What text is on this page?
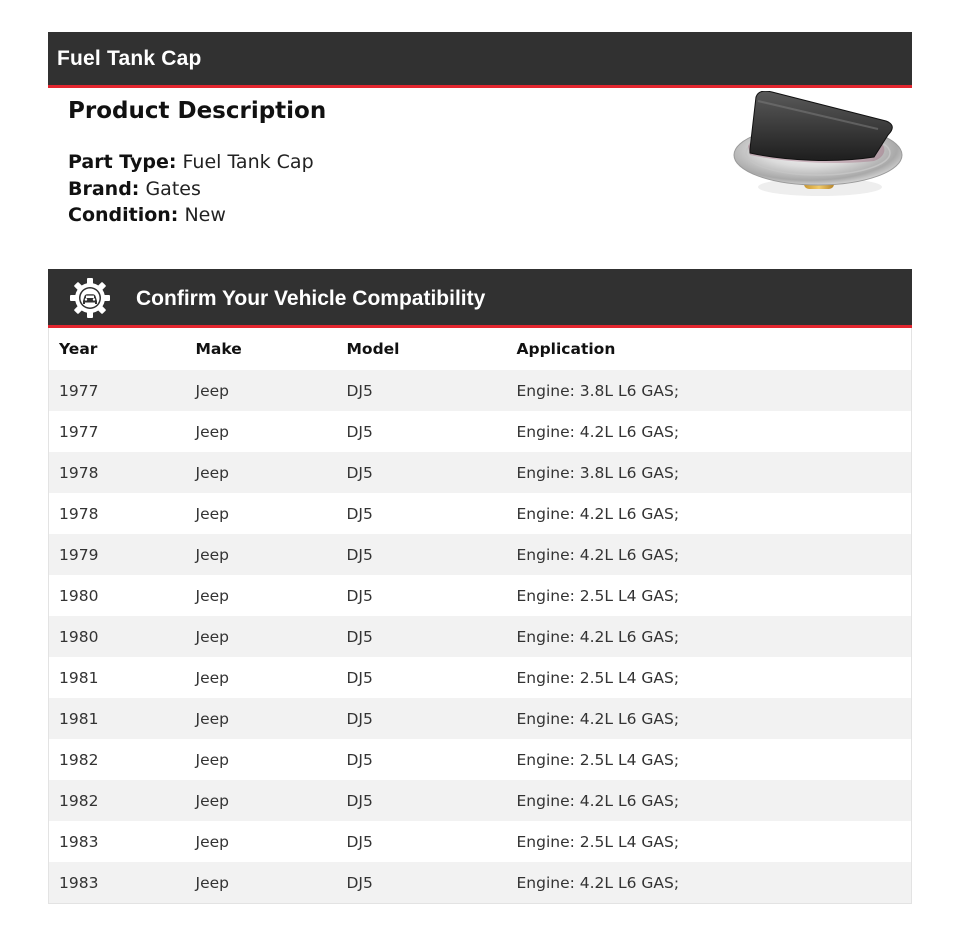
Fuel Tank Cap
Product Description
Part Type: Fuel Tank Cap
Brand: Gates
Condition: New
Confirm Your Vehicle Compatibility
Year	Make	Model	Application
1977	Jeep	DJ5	Engine: 3.8L L6 GAS;
1977	Jeep	DJ5	Engine: 4.2L L6 GAS;
1978	Jeep	DJ5	Engine: 3.8L L6 GAS;
1978	Jeep	DJ5	Engine: 4.2L L6 GAS;
1979	Jeep	DJ5	Engine: 4.2L L6 GAS;
1980	Jeep	DJ5	Engine: 2.5L L4 GAS;
1980	Jeep	DJ5	Engine: 4.2L L6 GAS;
1981	Jeep	DJ5	Engine: 2.5L L4 GAS;
1981	Jeep	DJ5	Engine: 4.2L L6 GAS;
1982	Jeep	DJ5	Engine: 2.5L L4 GAS;
1982	Jeep	DJ5	Engine: 4.2L L6 GAS;
1983	Jeep	DJ5	Engine: 2.5L L4 GAS;
1983	Jeep	DJ5	Engine: 4.2L L6 GAS;
